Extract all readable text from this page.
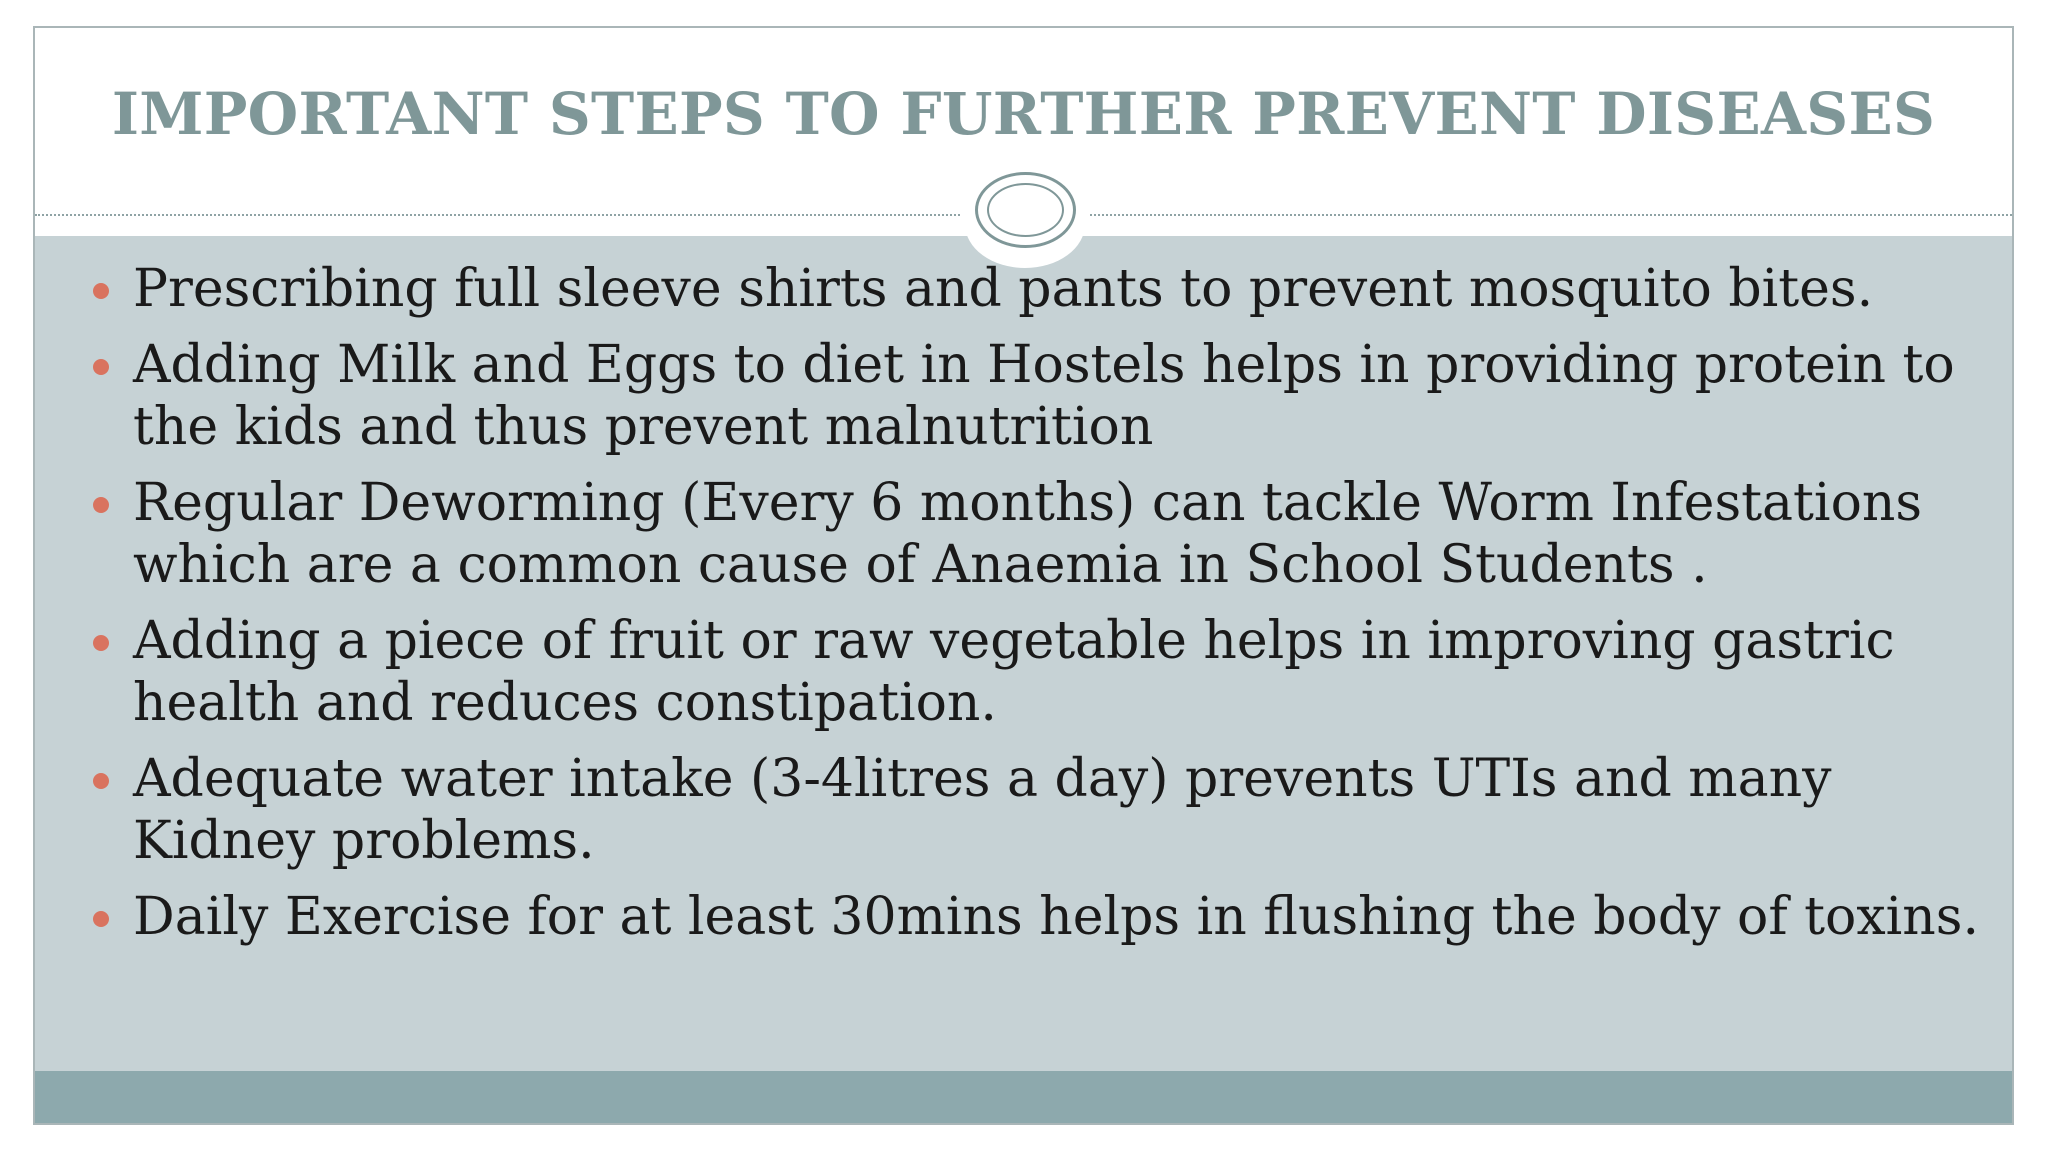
IMPORTANT STEPS TO FURTHER PREVENT DISEASES
Prescribing full sleeve shirts and pants to prevent mosquito bites.
Adding Milk and Eggs to diet in Hostels helps in providing protein to the kids and thus prevent malnutrition
Regular Deworming (Every 6 months) can tackle Worm Infestations which are a common cause of Anaemia in School Students .
Adding a piece of fruit or raw vegetable helps in improving gastric health and reduces constipation.
Adequate water intake (3-4litres a day) prevents UTIs and many Kidney problems.
Daily Exercise for at least 30mins helps in flushing the body of toxins.
